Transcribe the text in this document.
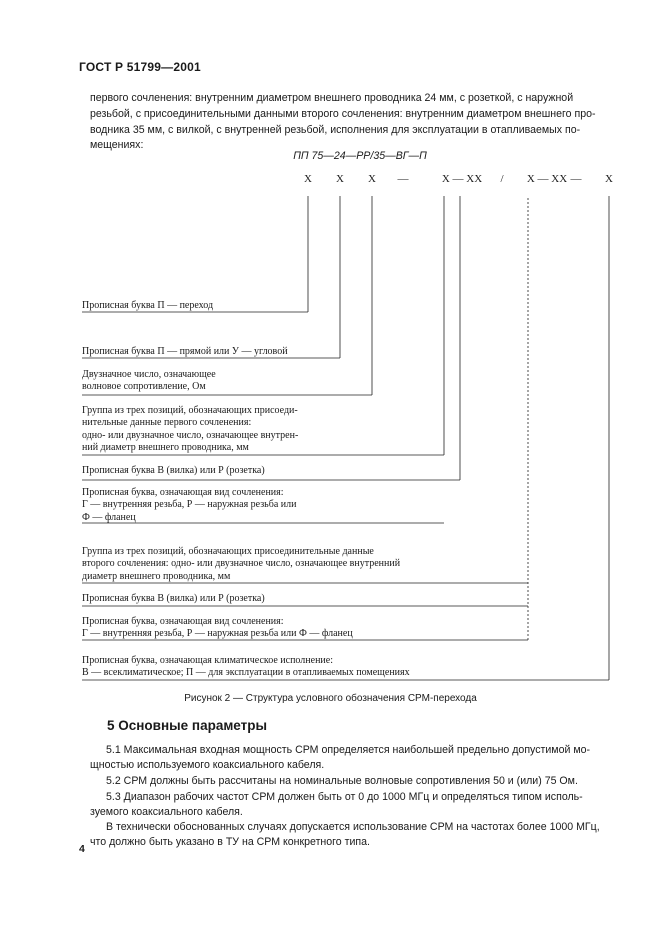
ГОСТ Р 51799—2001
первого сочленения: внутренним диаметром внешнего проводника 24 мм, с розеткой, с наружной
резьбой, с присоединительными данными второго сочленения: внутренним диаметром внешнего про-
водника 35 мм, с вилкой, с внутренней резьбой, исполнения для эксплуатации в отапливаемых по-
мещениях:
ПП 75—24—РР/35—ВГ—П
Х Х Х —	Х — ХХ / Х — ХХ — Х
Прописная буква П — переход
Прописная буква П — прямой или У — угловой
Двузначное число, означающее
волновое сопротивление, Ом
Группа из трех позиций, обозначающих присоеди-
нительные данные первого сочленения:
одно- или двузначное число, означающее внутрен-
ний диаметр внешнего проводника, мм
Прописная буква В (вилка) или Р (розетка)
Прописная буква, означающая вид сочленения:
Г — внутренняя резьба, Р — наружная резьба или
Ф — фланец
Группа из трех позиций, обозначающих присоединительные данные
второго сочленения: одно- или двузначное число, означающее внутренний
диаметр внешнего проводника, мм
Прописная буква В (вилка) или Р (розетка)
Прописная буква, означающая вид сочленения:
Г — внутренняя резьба, Р — наружная резьба или Ф — фланец
Прописная буква, означающая климатическое исполнение:
В — всеклиматическое; П — для эксплуатации в отапливаемых помещениях
Рисунок 2 — Структура условного обозначения СРМ-перехода
5 Основные параметры
5.1 Максимальная входная мощность СРМ определяется наибольшей предельно допустимой мо-
щностью используемого коаксиального кабеля.
5.2 СРМ должны быть рассчитаны на номинальные волновые сопротивления 50 и (или) 75 Ом.
5.3 Диапазон рабочих частот СРМ должен быть от 0 до 1000 МГц и определяться типом исполь-
зуемого коаксиального кабеля.
В технически обоснованных случаях допускается использование СРМ на частотах более 1000 МГц,
что должно быть указано в ТУ на СРМ конкретного типа.
4
